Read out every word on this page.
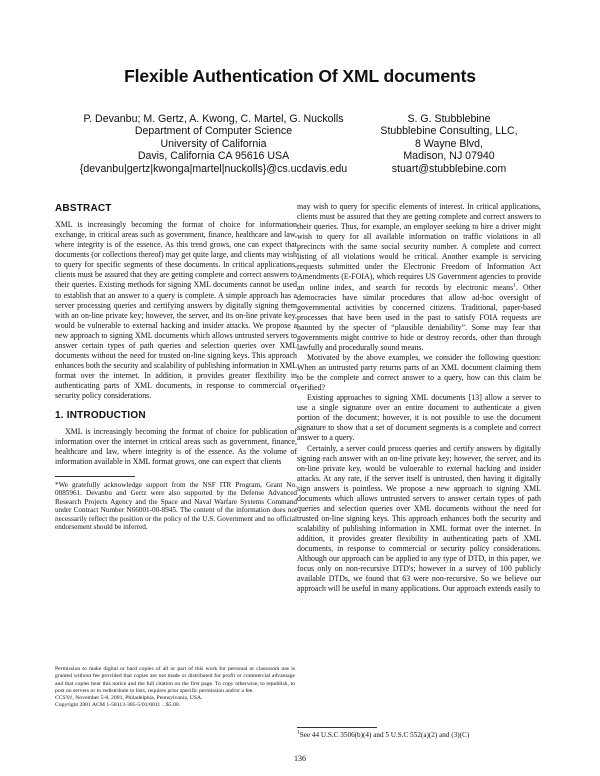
Flexible Authentication Of XML documents
P. Devanbu; M. Gertz, A. Kwong, C. Martel, G. Nuckolls
Department of Computer Science
University of California
Davis, California CA 95616 USA
{devanbu|gertz|kwonga|martel|nuckolls}@cs.ucdavis.edu
S. G. Stubblebine
Stubblebine Consulting, LLC,
8 Wayne Blvd,
Madison, NJ 07940
stuart@stubblebine.com
ABSTRACT

XML is increasingly becoming the format of choice for information exchange, in critical areas such as government, finance, healthcare and law, where integrity is of the essence. As this trend grows, one can expect that documents (or collections thereof) may get quite large, and clients may wish to query for specific segments of these documents. In critical applications, clients must be assured that they are getting complete and correct answers to their queries. Existing methods for signing XML documents cannot be used to establish that an answer to a query is complete. A simple approach has a server processing queries and certifying answers by digitally signing them with an on-line private key; however, the server, and its on-line private key, would be vulnerable to external hacking and insider attacks. We propose a new approach to signing XML documents which allows untrusted servers to answer certain types of path queries and selection queries over XML documents without the need for trusted on-line signing keys. This approach enhances both the security and scalability of publishing information in XML format over the internet. In addition, it provides greater flexibility in authenticating parts of XML documents, in response to commercial or security policy considerations.

1. INTRODUCTION

XML is increasingly becoming the format of choice for publication of information over the internet in critical areas such as government, finance, healthcare and law, where integrity is of the essence. As the volume of information available in XML format grows, one can expect that clients

*We gratefully acknowledge support from the NSF ITR Program, Grant No. 0085961. Devanbu and Gertz were also supported by the Defense Advanced Research Projects Agency and the Space and Naval Warfare Systems Command under Contract Number N66001-00-8945. The content of the information does not necessarily reflect the position or the policy of the U.S. Government and no official endorsement should be inferred.
Permission to make digital or hard copies of all or part of this work for personal or classroom use is granted without fee provided that copies are not made or distributed for profit or commercial advantage and that copies bear this notice and the full citation on the first page. To copy otherwise, to republish, to post on servers or to redistribute to lists, requires prior specific permission and/or a fee.
CCS'01, November 5-8, 2001, Philadelphia, Pennsylvania, USA.
Copyright 2001 ACM 1-58113-385-5/01/0011 ...$5.00.

may wish to query for specific elements of interest. In critical applications, clients must be assured that they are getting complete and correct answers to their queries. Thus, for example, an employer seeking to hire a driver might wish to query for all available information on traffic violations in all precincts with the same social security number. A complete and correct listing of all violations would be critical. Another example is servicing requests submitted under the Electronic Freedom of Information Act Amendments (E-FOIA), which requires US Government agencies to provide an online index, and search for records by electronic means$^1$. Other democracies have similar procedures that allow ad-hoc oversight of governmental activities by concerned citizens. Traditional, paper-based processes that have been used in the past to satisfy FOIA requests are haunted by the specter of “plausible deniability”. Some may fear that governments might contrive to hide or destroy records, other than through lawfully and procedurally sound means.

Motivated by the above examples, we consider the following question: When an untrusted party returns parts of an XML document claiming them to be the complete and correct answer to a query, how can this claim be verified?

Existing approaches to signing XML documents [13] allow a server to use a single signature over an entire document to authenticate a given portion of the document; however, it is not possible to use the document signature to show that a set of document segments is a complete and correct answer to a query.

Certainly, a server could process queries and certify answers by digitally signing each answer with an on-line private key; however, the server, and its on-line private key, would be vulnerable to external hacking and insider attacks. At any rate, if the server itself is untrusted, then having it digitally sign answers is pointless. We propose a new approach to signing XML documents which allows untrusted servers to answer certain types of path queries and selection queries over XML documents without the need for trusted on-line signing keys. This approach enhances both the security and scalability of publishing information in XML format over the internet. In addition, it provides greater flexibility in authenticating parts of XML documents, in response to commercial or security policy considerations. Although our approach can be applied to any type of DTD, in this paper, we focus only on non-recursive DTD's; however in a survey of 100 publicly available DTDs, we found that 63 were non-recursive. So we believe our approach will be useful in many applications. Our approach extends easily to

$^1$See 44 U.S.C 3506(b)(4) and 5 U.S.C 552(a)(2) and (3)(C)
136
